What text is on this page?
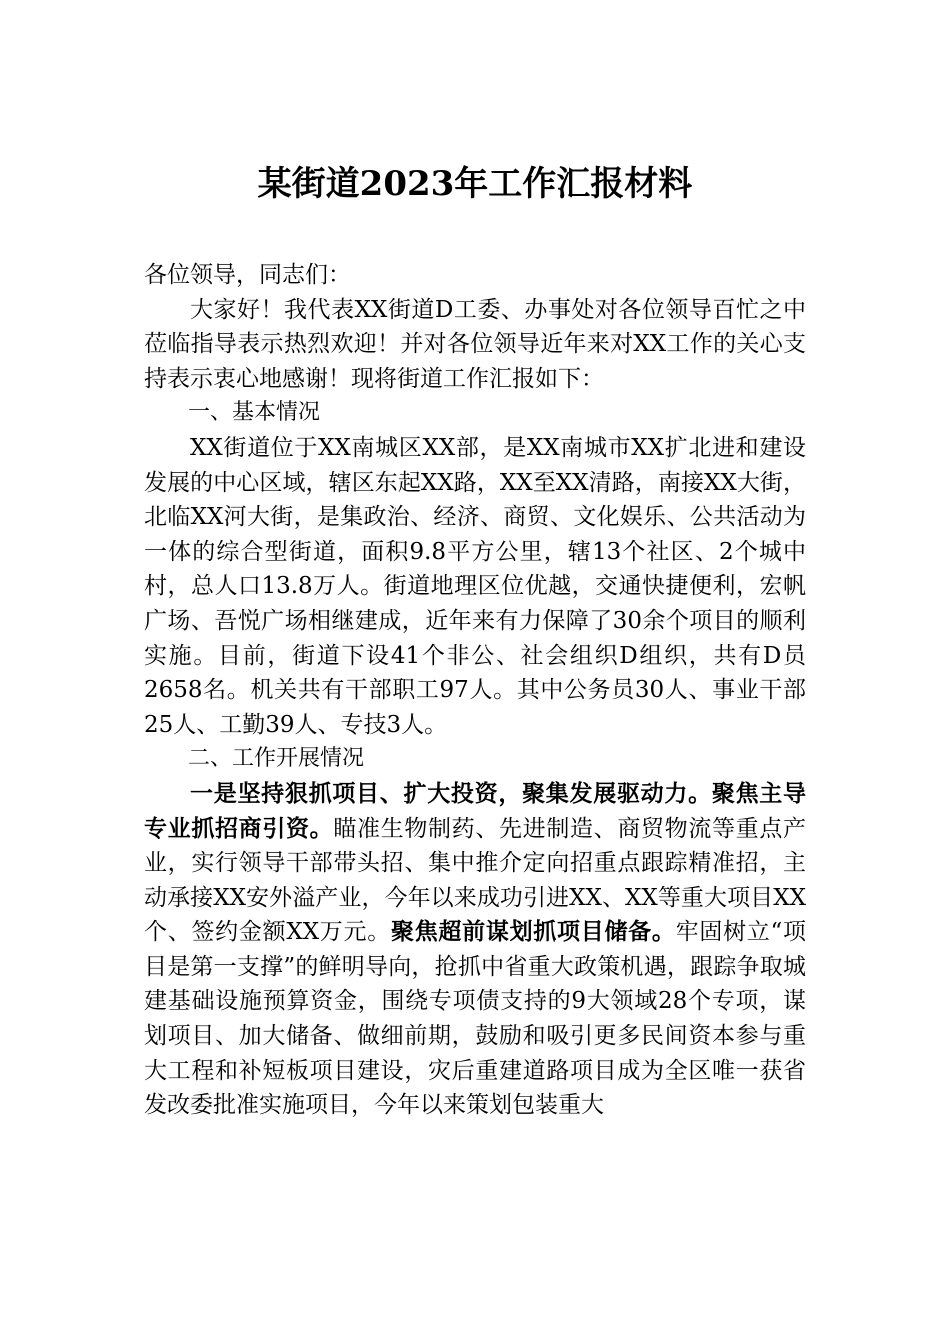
某街道2023年工作汇报材料

各位领导，同志们：

大家好！我代表XX街道D工委、办事处对各位领导百忙之中莅临指导表示热烈欢迎！并对各位领导近年来对XX工作的关心支持表示衷心地感谢！现将街道工作汇报如下：

一、基本情况

XX街道位于XX南城区XX部，是XX南城市XX扩北进和建设发展的中心区域，辖区东起XX路，XX至XX清路，南接XX大街，北临XX河大街，是集政治、经济、商贸、文化娱乐、公共活动为一体的综合型街道，面积9.8平方公里，辖13个社区、2个城中村，总人口13.8万人。街道地理区位优越，交通快捷便利，宏帆广场、吾悦广场相继建成，近年来有力保障了30余个项目的顺利实施。目前，街道下设41个非公、社会组织D组织，共有D员2658名。机关共有干部职工97人。其中公务员30人、事业干部25人、工勤39人、专技3人。

二、工作开展情况

一是坚持狠抓项目、扩大投资，聚集发展驱动力。聚焦主导专业抓招商引资。瞄准生物制药、先进制造、商贸物流等重点产业，实行领导干部带头招、集中推介定向招重点跟踪精准招，主动承接XX安外溢产业，今年以来成功引进XX、XX等重大项目XX个、签约金额XX万元。聚焦超前谋划抓项目储备。牢固树立“项目是第一支撑”的鲜明导向，抢抓中省重大政策机遇，跟踪争取城建基础设施预算资金，围绕专项债支持的9大领域28个专项，谋划项目、加大储备、做细前期，鼓励和吸引更多民间资本参与重大工程和补短板项目建设，灾后重建道路项目成为全区唯一获省发改委批准实施项目，今年以来策划包装重大
